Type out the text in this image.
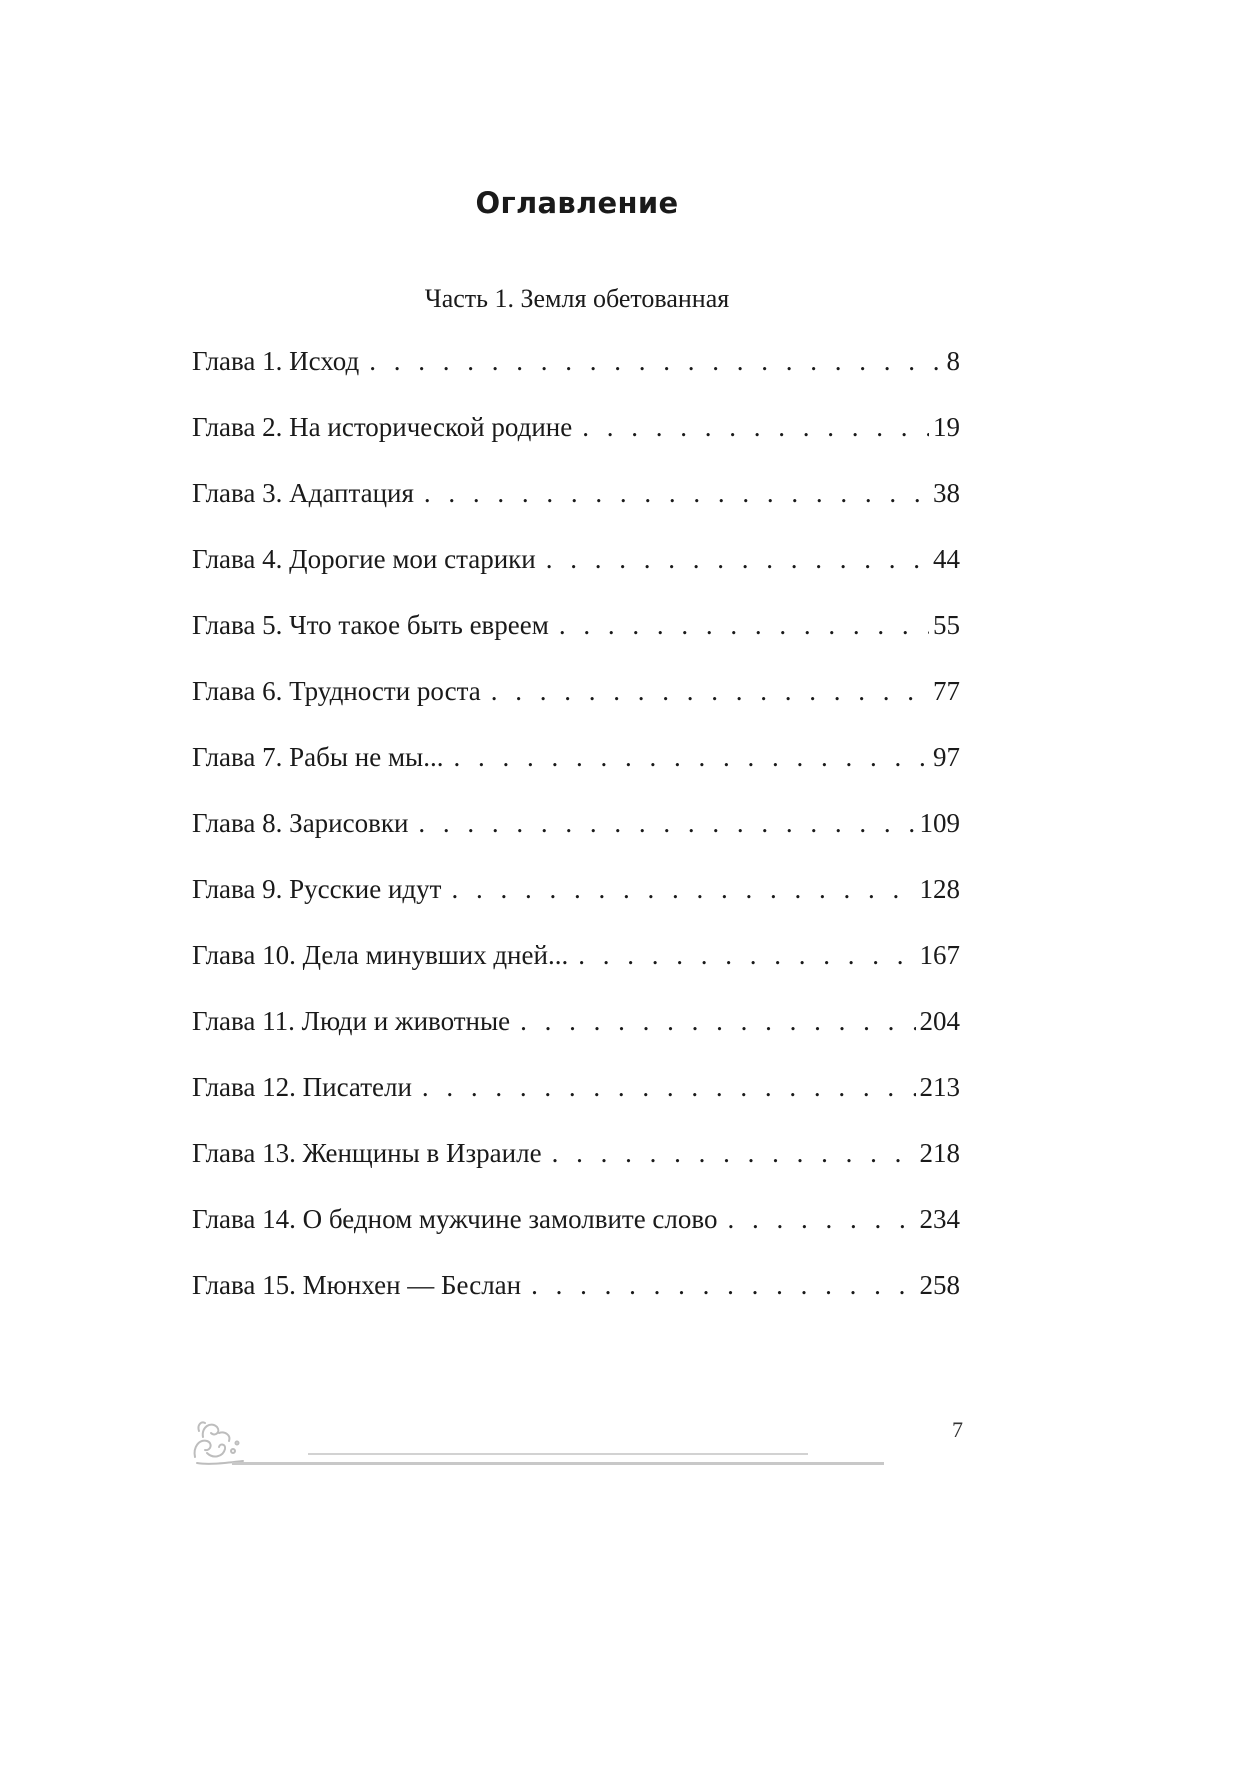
Оглавление
Часть 1. Земля обетованная
Глава 1. Исход . . .	8
Глава 2. На исторической родине . . .	19
Глава 3. Адаптация . . .	38
Глава 4. Дорогие мои старики . . .	44
Глава 5. Что такое быть евреем . . .	55
Глава 6. Трудности роста . . .	77
Глава 7. Рабы не мы... . . .	97
Глава 8. Зарисовки . . .	109
Глава 9. Русские идут . . .	128
Глава 10. Дела минувших дней... . . .	167
Глава 11. Люди и животные . . .	204
Глава 12. Писатели . . .	213
Глава 13. Женщины в Израиле . . .	218
Глава 14. О бедном мужчине замолвите слово . . .	234
Глава 15. Мюнхен — Беслан . . .	258
7
